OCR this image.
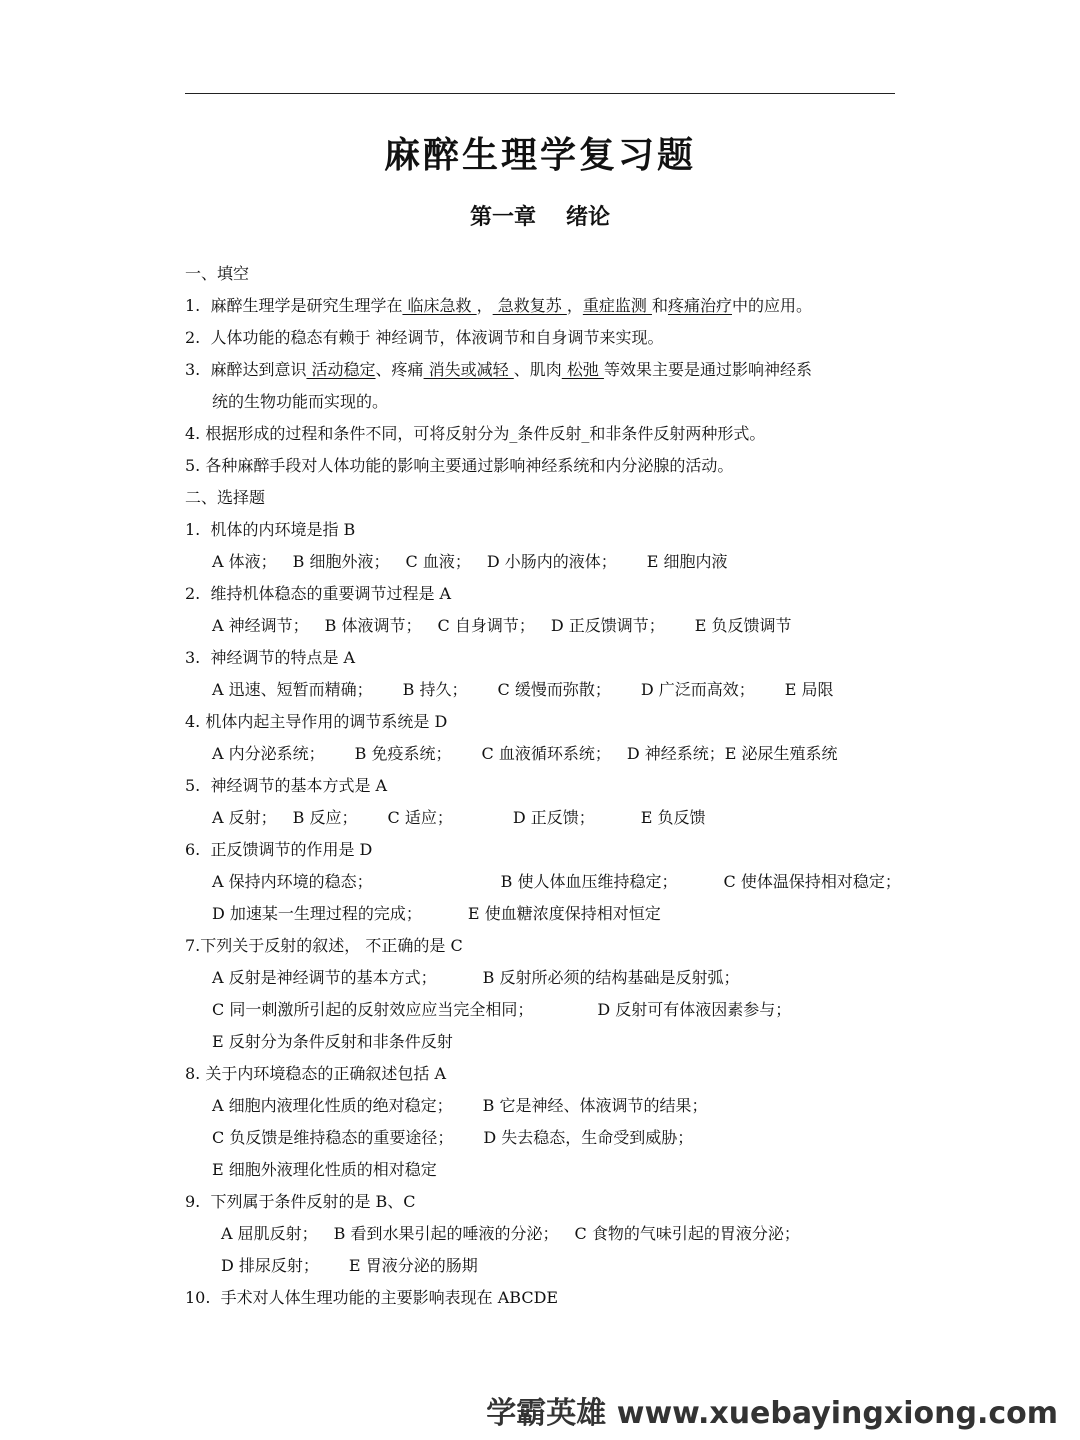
麻醉生理学复习题
第一章 绪论
一、填空
1. 麻醉生理学是研究生理学在 临床急救 ， 急救复苏 ，重症监测 和疼痛治疗中的应用。
2. 人体功能的稳态有赖于 神经调节，体液调节和自身调节来实现。
3. 麻醉达到意识 活动稳定、疼痛 消失或减轻 、肌肉 松弛 等效果主要是通过影响神经系
统的生物功能而实现的。
4. 根据形成的过程和条件不同，可将反射分为_条件反射_和非条件反射两种形式。
5. 各种麻醉手段对人体功能的影响主要通过影响神经系统和内分泌腺的活动。
二、选择题
1. 机体的内环境是指 B
A 体液； B 细胞外液； C 血液； D 小肠内的液体； E 细胞内液
2. 维持机体稳态的重要调节过程是 A
A 神经调节； B 体液调节； C 自身调节； D 正反馈调节； E 负反馈调节
3. 神经调节的特点是 A
A 迅速、短暂而精确； B 持久； C 缓慢而弥散； D 广泛而高效； E 局限
4. 机体内起主导作用的调节系统是 D
A 内分泌系统； B 免疫系统； C 血液循环系统； D 神经系统；E 泌尿生殖系统
5. 神经调节的基本方式是 A
A 反射； B 反应； C 适应；	D 正反馈；	E 负反馈
6. 正反馈调节的作用是 D
A 保持内环境的稳态；	B 使人体血压维持稳定；	C 使体温保持相对稳定；
D 加速某一生理过程的完成；	E 使血糖浓度保持相对恒定
7.下列关于反射的叙述， 不正确的是 C
A 反射是神经调节的基本方式；	B 反射所必须的结构基础是反射弧；
C 同一刺激所引起的反射效应应当完全相同；	D 反射可有体液因素参与；
E 反射分为条件反射和非条件反射
8. 关于内环境稳态的正确叙述包括 A
A 细胞内液理化性质的绝对稳定； B 它是神经、体液调节的结果；
C 负反馈是维持稳态的重要途径； D 失去稳态，生命受到威胁；
E 细胞外液理化性质的相对稳定
9. 下列属于条件反射的是 B、C
A 屈肌反射； B 看到水果引起的唾液的分泌； C 食物的气味引起的胃液分泌；
D 排尿反射； E 胃液分泌的肠期
10. 手术对人体生理功能的主要影响表现在 ABCDE
学霸英雄 www.xuebayingxiong.com
